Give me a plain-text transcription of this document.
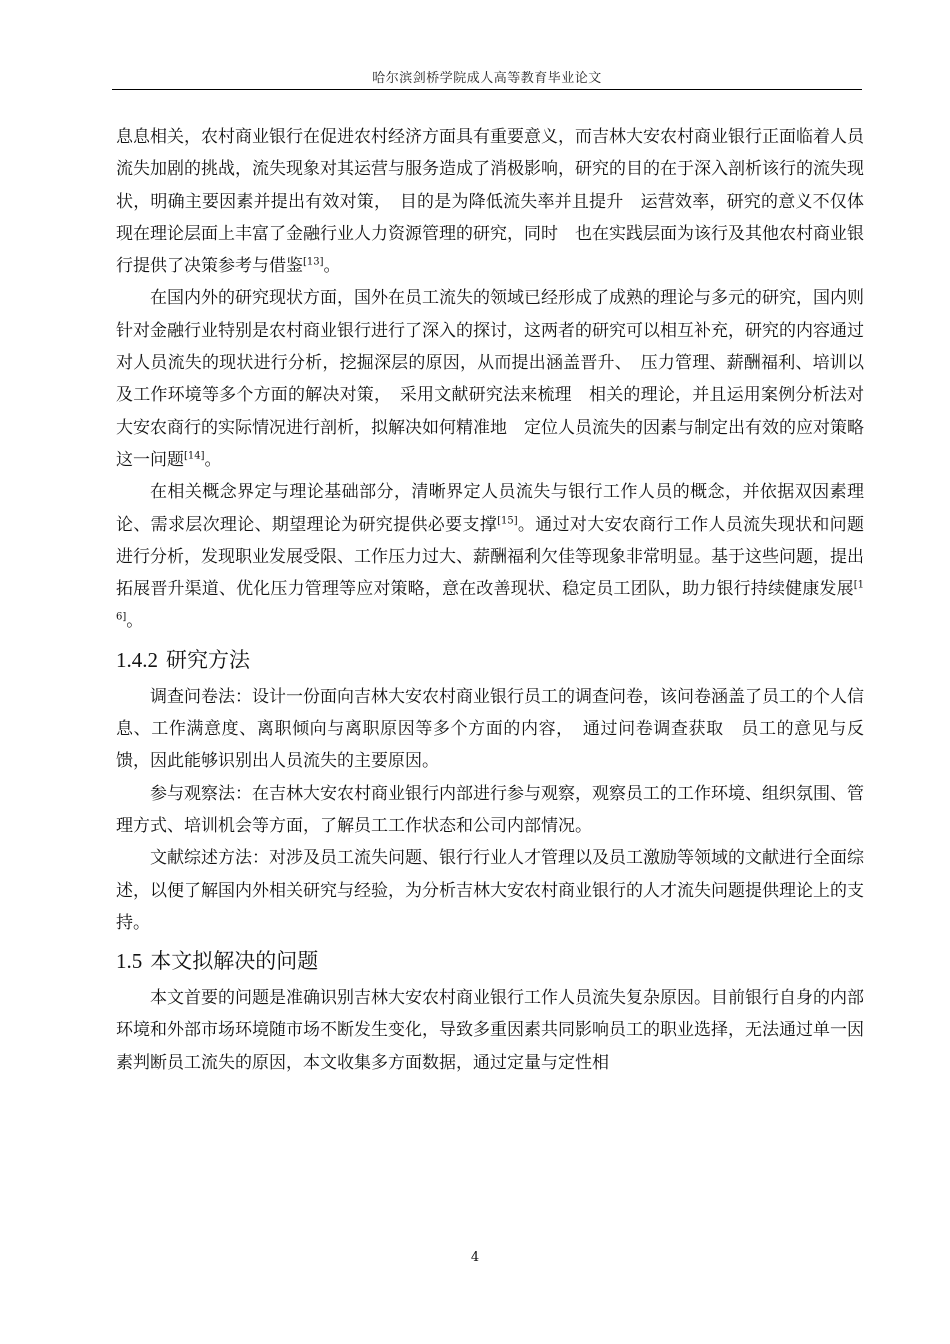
哈尔滨剑桥学院成人高等教育毕业论文

息息相关，农村商业银行在促进农村经济方面具有重要意义，而吉林大安农村商业银行正面临着人员流失加剧的挑战，流失现象对其运营与服务造成了消极影响，研究的目的在于深入剖析该行的流失现状，明确主要因素并提出有效对策，　目的是为降低流失率并且提升　运营效率，研究的意义不仅体现在理论层面上丰富了金融行业人力资源管理的研究，同时　也在实践层面为该行及其他农村商业银行提供了决策参考与借鉴[13]。

在国内外的研究现状方面，国外在员工流失的领域已经形成了成熟的理论与多元的研究，国内则针对金融行业特别是农村商业银行进行了深入的探讨，这两者的研究可以相互补充，研究的内容通过对人员流失的现状进行分析，挖掘深层的原因，从而提出涵盖晋升、　压力管理、薪酬福利、培训以及工作环境等多个方面的解决对策，　采用文献研究法来梳理　相关的理论，并且运用案例分析法对大安农商行的实际情况进行剖析，拟解决如何精准地　定位人员流失的因素与制定出有效的应对策略这一问题[14]。

在相关概念界定与理论基础部分，清晰界定人员流失与银行工作人员的概念，并依据双因素理论、需求层次理论、期望理论为研究提供必要支撑[15]。通过对大安农商行工作人员流失现状和问题进行分析，发现职业发展受限、工作压力过大、薪酬福利欠佳等现象非常明显。基于这些问题，提出拓展晋升渠道、优化压力管理等应对策略，意在改善现状、稳定员工团队，助力银行持续健康发展[16]。

1.4.2 研究方法

调查问卷法：设计一份面向吉林大安农村商业银行员工的调查问卷，该问卷涵盖了员工的个人信息、工作满意度、离职倾向与离职原因等多个方面的内容，　通过问卷调查获取　员工的意见与反馈，因此能够识别出人员流失的主要原因。

参与观察法：在吉林大安农村商业银行内部进行参与观察，观察员工的工作环境、组织氛围、管理方式、培训机会等方面，了解员工工作状态和公司内部情况。

文献综述方法：对涉及员工流失问题、银行行业人才管理以及员工激励等领域的文献进行全面综述，以便了解国内外相关研究与经验，为分析吉林大安农村商业银行的人才流失问题提供理论上的支持。

1.5 本文拟解决的问题

本文首要的问题是准确识别吉林大安农村商业银行工作人员流失复杂原因。目前银行自身的内部环境和外部市场环境随市场不断发生变化，导致多重因素共同影响员工的职业选择，无法通过单一因素判断员工流失的原因，本文收集多方面数据，通过定量与定性相

4
